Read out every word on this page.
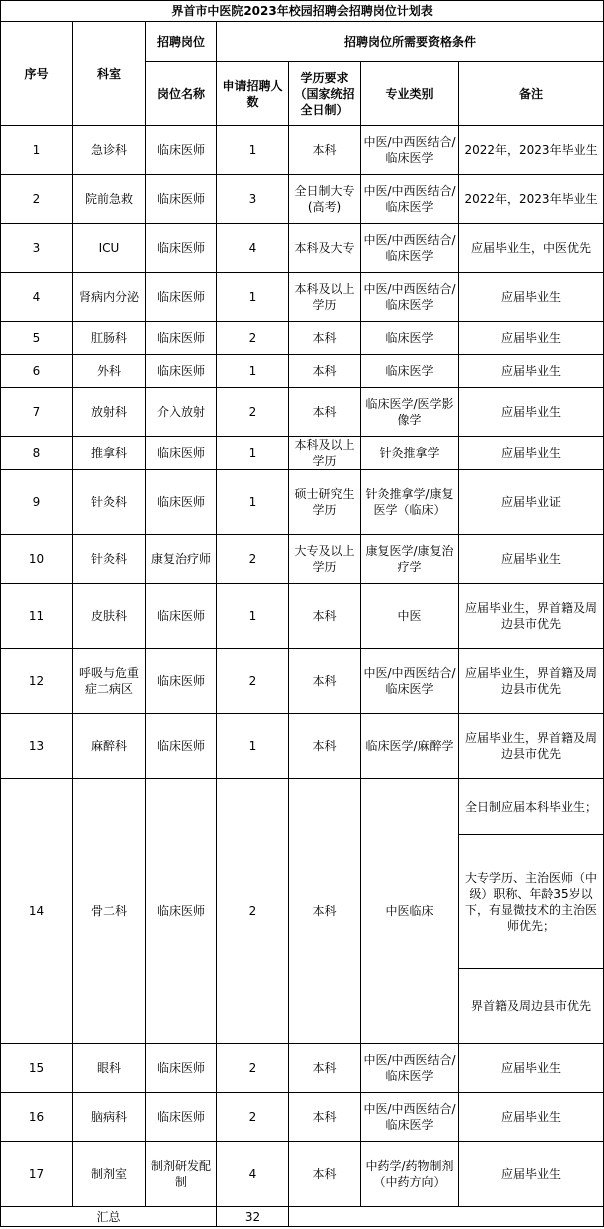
界首市中医院2023年校园招聘会招聘岗位计划表						
序号	科室	招聘岗位	招聘岗位所需要资格条件			
		岗位名称	申请招聘人数	学历要求（国家统招全日制）	专业类别	备注
1	急诊科	临床医师	1	本科	中医/中西医结合/临床医学	2022年，2023年毕业生
2	院前急救	临床医师	3	全日制大专(高考)	中医/中西医结合/临床医学	2022年，2023年毕业生
3	ICU	临床医师	4	本科及大专	中医/中西医结合/临床医学	应届毕业生，中医优先
4	肾病内分泌	临床医师	1	本科及以上学历	中医/中西医结合/临床医学	应届毕业生
5	肛肠科	临床医师	2	本科	临床医学	应届毕业生
6	外科	临床医师	1	本科	临床医学	应届毕业生
7	放射科	介入放射	2	本科	临床医学/医学影像学	应届毕业生
8	推拿科	临床医师	1	本科及以上学历	针灸推拿学	应届毕业生
9	针灸科	临床医师	1	硕士研究生学历	针灸推拿学/康复医学（临床）	应届毕业证
10	针灸科	康复治疗师	2	大专及以上学历	康复医学/康复治疗学	应届毕业生
11	皮肤科	临床医师	1	本科	中医	应届毕业生，界首籍及周边县市优先
12	呼吸与危重症二病区	临床医师	2	本科	中医/中西医结合/临床医学	应届毕业生，界首籍及周边县市优先
13	麻醉科	临床医师	1	本科	临床医学/麻醉学	应届毕业生，界首籍及周边县市优先
14	骨二科	临床医师	2	本科	中医临床	全日制应届本科毕业生；
						大专学历、主治医师（中级）职称、年龄35岁以下，有显微技术的主治医师优先；
						界首籍及周边县市优先
15	眼科	临床医师	2	本科	中医/中西医结合/临床医学	应届毕业生
16	脑病科	临床医师	2	本科	中医/中西医结合/临床医学	应届毕业生
17	制剂室	制剂研发配制	4	本科	中药学/药物制剂（中药方向）	应届毕业生
汇总			32			
